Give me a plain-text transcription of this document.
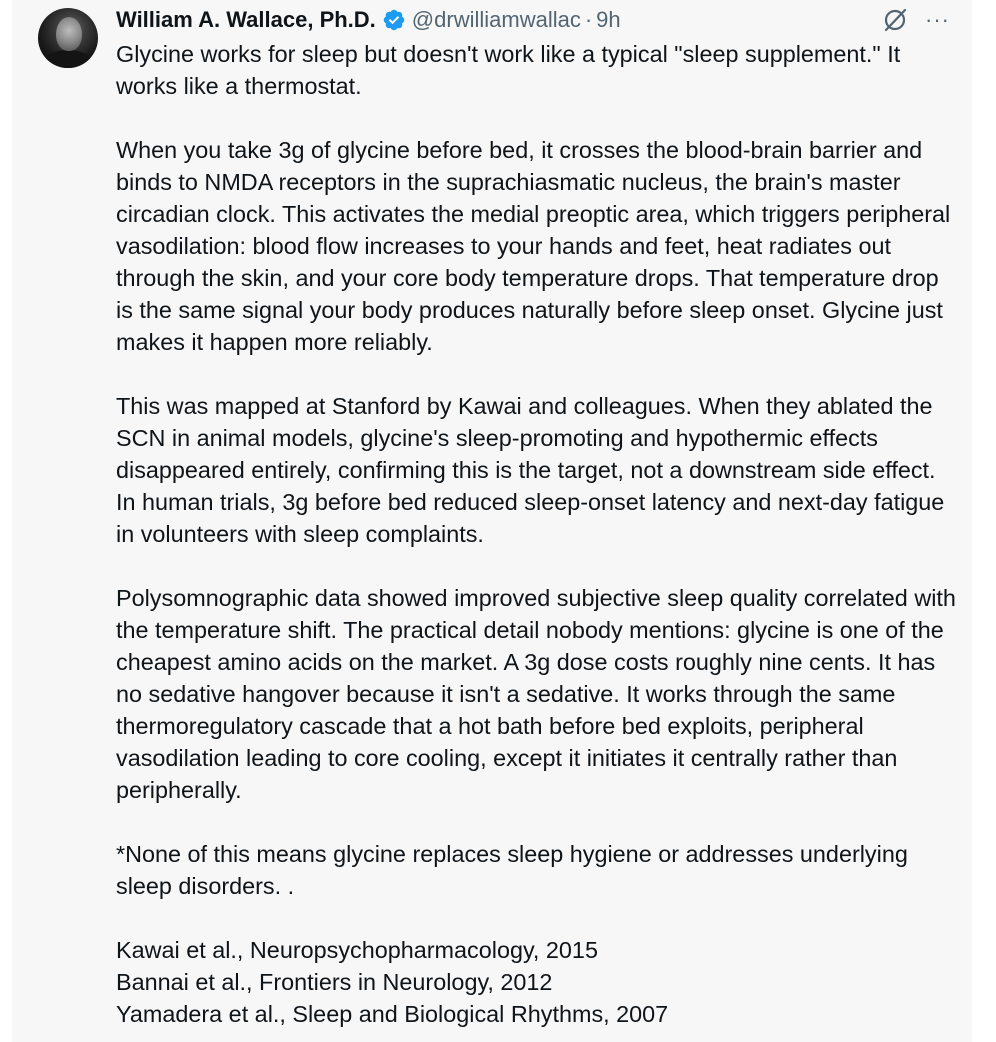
William A. Wallace, Ph.D. @drwilliamwallac · 9h	···

Glycine works for sleep but doesn't work like a typical "sleep supplement." It works like a thermostat.

When you take 3g of glycine before bed, it crosses the blood-brain barrier and binds to NMDA receptors in the suprachiasmatic nucleus, the brain's master circadian clock. This activates the medial preoptic area, which triggers peripheral vasodilation: blood flow increases to your hands and feet, heat radiates out through the skin, and your core body temperature drops. That temperature drop is the same signal your body produces naturally before sleep onset. Glycine just makes it happen more reliably.

This was mapped at Stanford by Kawai and colleagues. When they ablated the SCN in animal models, glycine's sleep-promoting and hypothermic effects disappeared entirely, confirming this is the target, not a downstream side effect. In human trials, 3g before bed reduced sleep-onset latency and next-day fatigue in volunteers with sleep complaints.

Polysomnographic data showed improved subjective sleep quality correlated with the temperature shift. The practical detail nobody mentions: glycine is one of the cheapest amino acids on the market. A 3g dose costs roughly nine cents. It has no sedative hangover because it isn't a sedative. It works through the same thermoregulatory cascade that a hot bath before bed exploits, peripheral vasodilation leading to core cooling, except it initiates it centrally rather than peripherally.

*None of this means glycine replaces sleep hygiene or addresses underlying sleep disorders. .

Kawai et al., Neuropsychopharmacology, 2015
Bannai et al., Frontiers in Neurology, 2012
Yamadera et al., Sleep and Biological Rhythms, 2007
